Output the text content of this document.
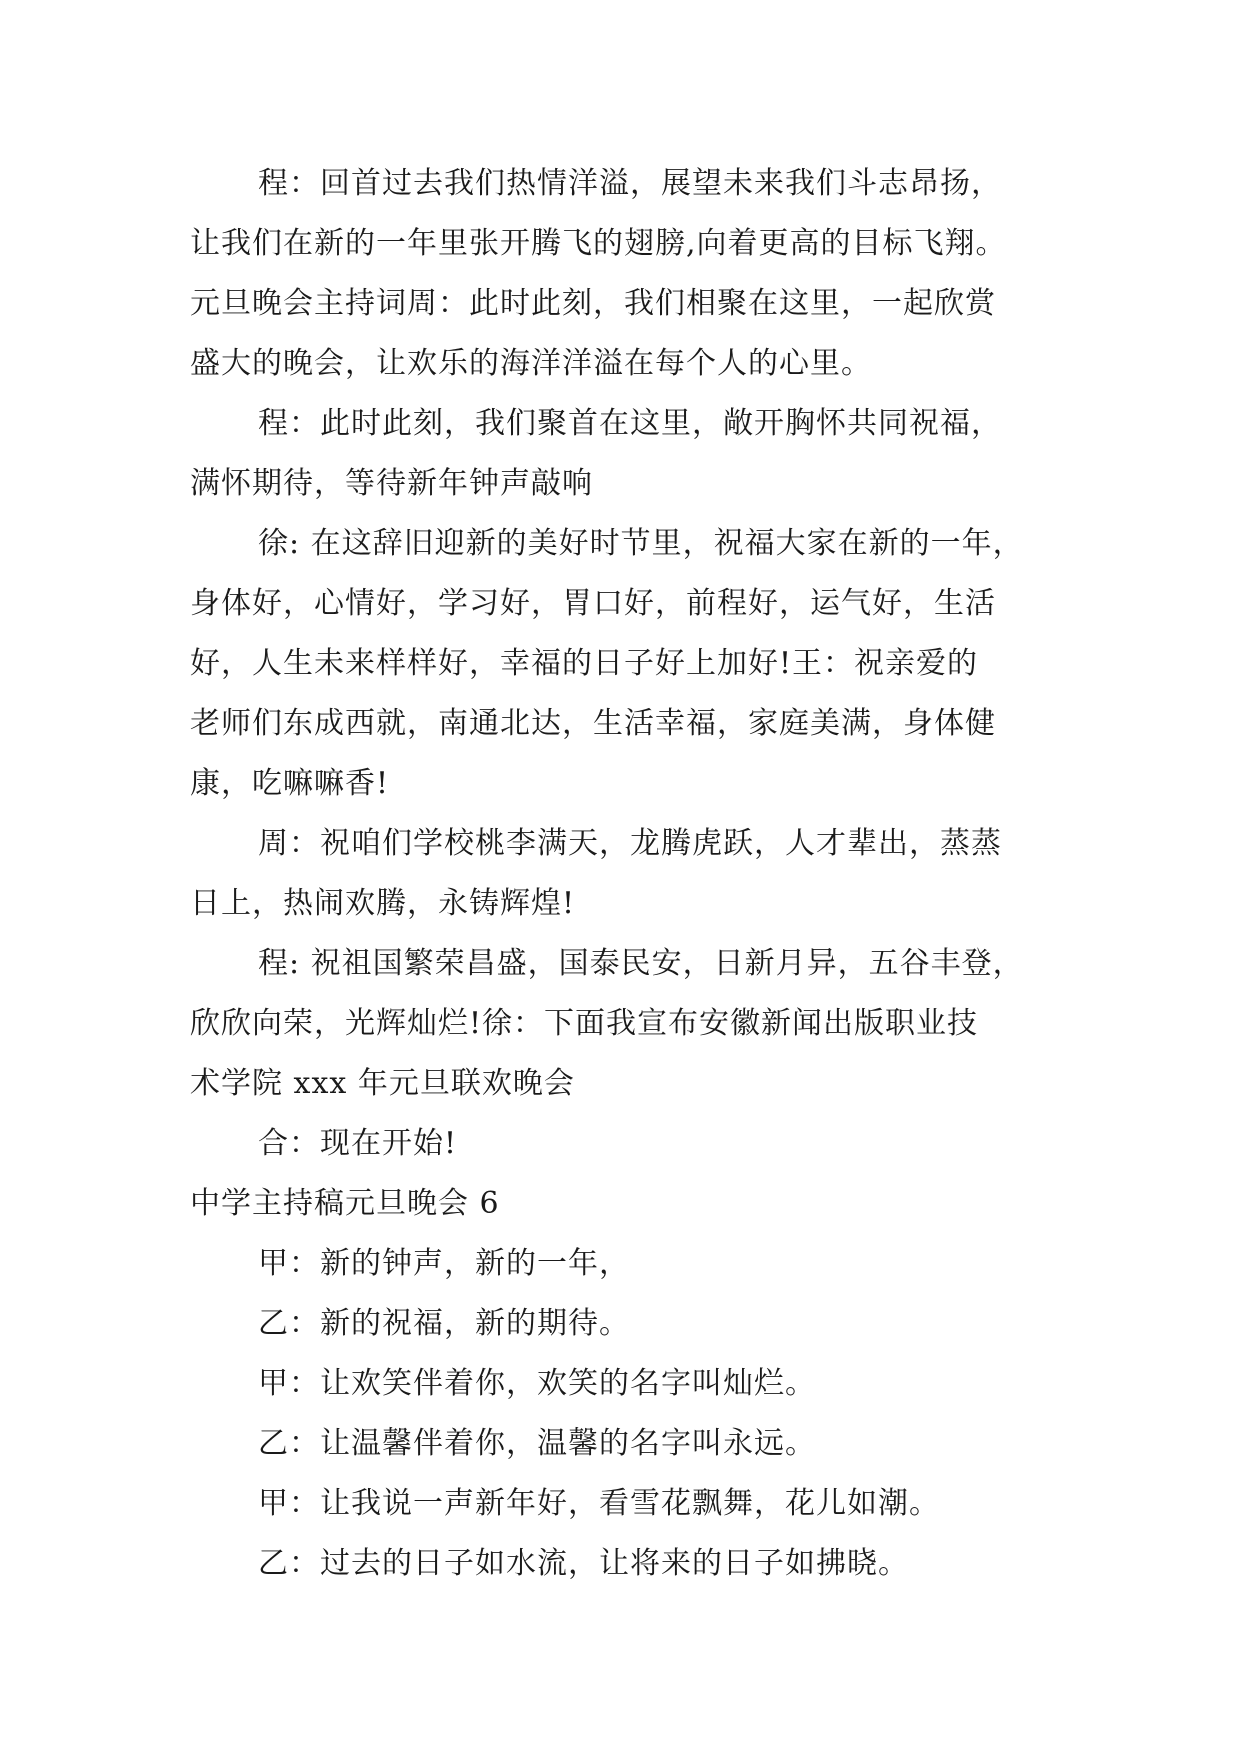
程：回首过去我们热情洋溢，展望未来我们斗志昂扬，
让我们在新的一年里张开腾飞的翅膀,向着更高的目标飞翔。
元旦晚会主持词周：此时此刻，我们相聚在这里，一起欣赏
盛大的晚会，让欢乐的海洋洋溢在每个人的心里。
程：此时此刻，我们聚首在这里，敞开胸怀共同祝福，
满怀期待，等待新年钟声敲响
徐: 在这辞旧迎新的美好时节里，祝福大家在新的一年，
身体好，心情好，学习好，胃口好，前程好，运气好，生活
好，人生未来样样好，幸福的日子好上加好!王：祝亲爱的
老师们东成西就，南通北达，生活幸福，家庭美满，身体健
康，吃嘛嘛香!
周：祝咱们学校桃李满天，龙腾虎跃，人才辈出，蒸蒸
日上，热闹欢腾，永铸辉煌!
程: 祝祖国繁荣昌盛，国泰民安，日新月异，五谷丰登，
欣欣向荣，光辉灿烂!徐：下面我宣布安徽新闻出版职业技
术学院 xxx 年元旦联欢晚会
合：现在开始!
中学主持稿元旦晚会 6
甲：新的钟声，新的一年，
乙：新的祝福，新的期待。
甲：让欢笑伴着你，欢笑的名字叫灿烂。
乙：让温馨伴着你，温馨的名字叫永远。
甲：让我说一声新年好，看雪花飘舞，花儿如潮。
乙：过去的日子如水流，让将来的日子如拂晓。
